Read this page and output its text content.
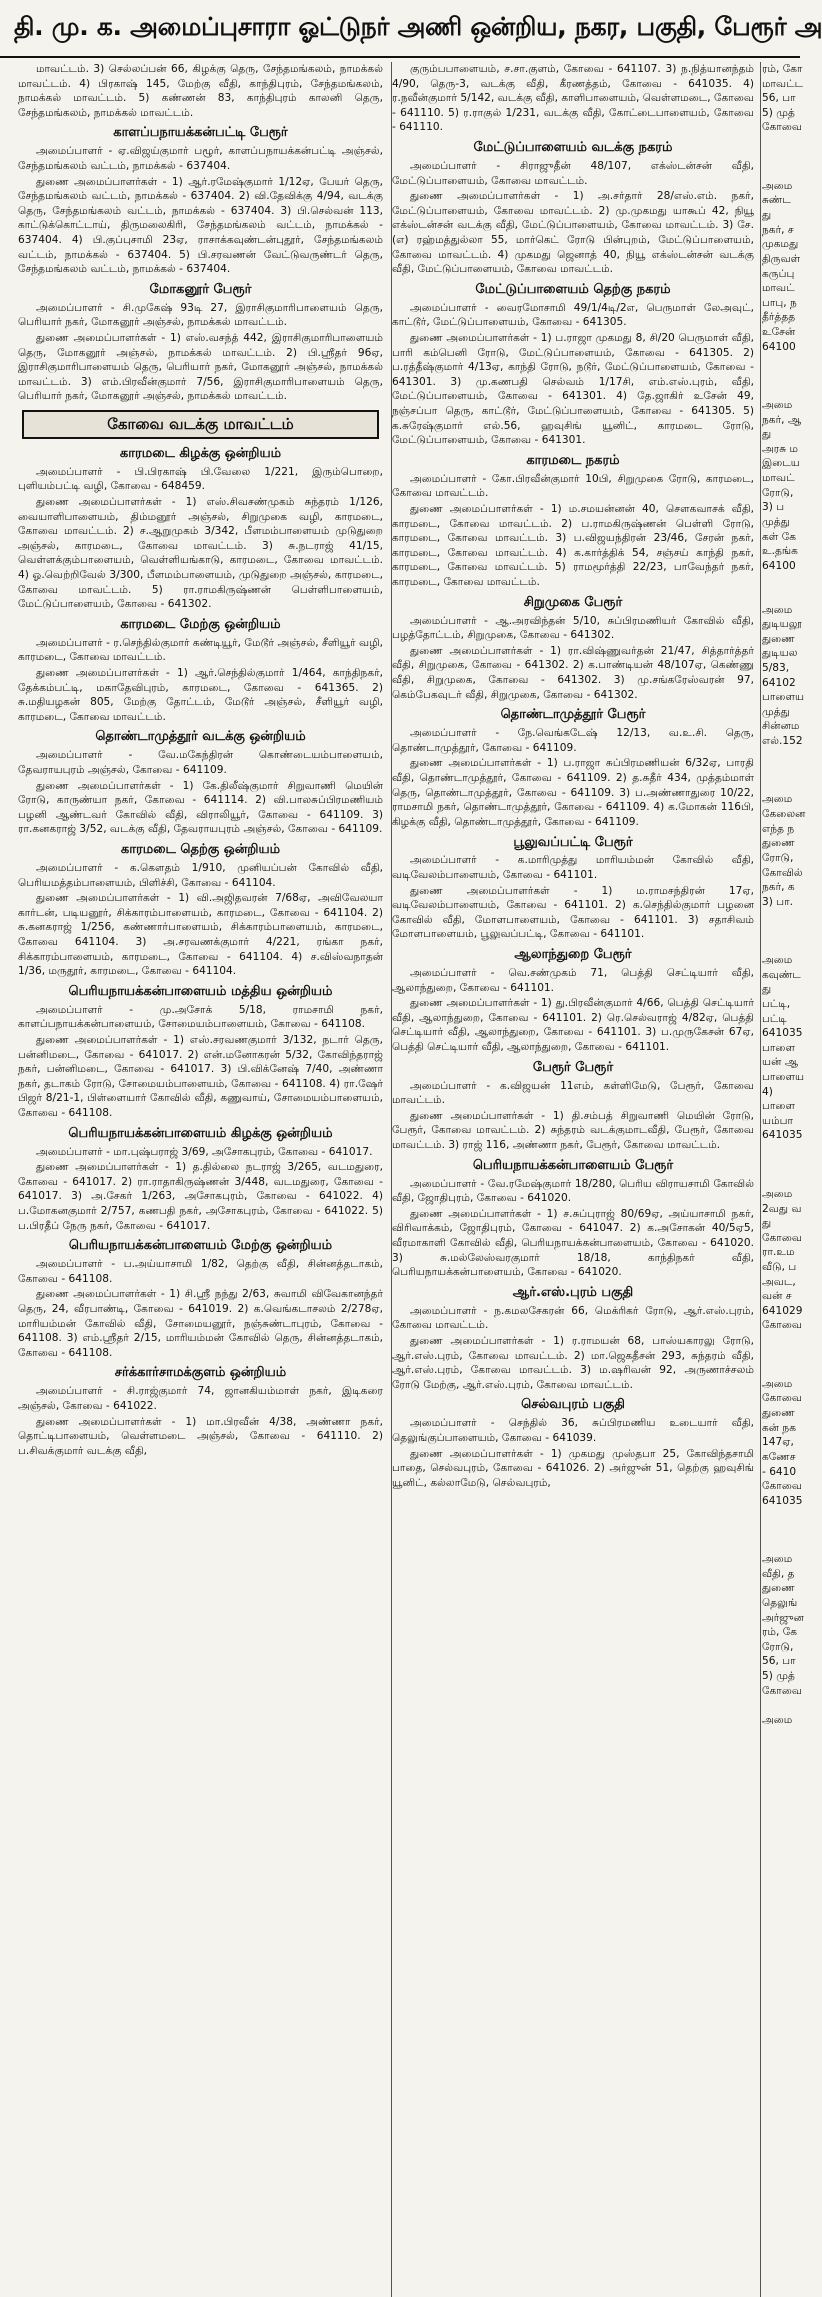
தி. மு. க. அமைப்புசாரா ஓட்டுநர் அணி ஒன்றிய, நகர, பகுதி, பேரூர் அ
மாவட்டம். 3) செல்லப்பன் 66, கிழக்கு தெரு, சேந்தமங்கலம், நாமக்கல் மாவட்டம். 4) பிரகாஷ் 145, மேற்கு வீதி, காந்திபுரம், சேந்தமங்கலம், நாமக்கல் மாவட்டம். 5) கண்ணன் 83, காந்திபுரம் காலனி தெரு, சேந்தமங்கலம், நாமக்கல் மாவட்டம்.
காளப்பநாயக்கன்பட்டி பேரூர்
அமைப்பாளர் - ஏ.விஜய்குமார் பழூர், காளப்பநாயக்கன்பட்டி அஞ்சல், சேந்தமங்கலம் வட்டம், நாமக்கல் - 637404.
துணை அமைப்பாளர்கள் - 1) ஆர்.ரமேஷ்குமார் 1/12ஏ, பேயர் தெரு, சேந்தமங்கலம் வட்டம், நாமக்கல் - 637404. 2) வி.தேவிக்கு 4/94, வடக்கு தெரு, சேந்தமங்கலம் வட்டம், நாமக்கல் - 637404. 3) பி.செல்வன் 113, காட்டுக்கொட்டாய், திருமலைகிரி, சேந்தமங்கலம் வட்டம், நாமக்கல் - 637404. 4) பி.குப்புசாமி 23ஏ, ராசாக்கவுண்டன்புதூர், சேந்தமங்கலம் வட்டம், நாமக்கல் - 637404. 5) பி.சரவணன் வேட்டுவருண்டர் தெரு, சேந்தமங்கலம் வட்டம், நாமக்கல் - 637404.
மோகனூர் பேரூர்
அமைப்பாளர் - சி.முகேஷ் 93டி 27, இராசிகுமாரிபாளையம் தெரு, பெரியார் நகர், மோகனூர் அஞ்சல், நாமக்கல் மாவட்டம்.
துணை அமைப்பாளர்கள் - 1) எஸ்.வசந்த் 442, இராசிகுமாரிபாளையம் தெரு, மோகனூர் அஞ்சல், நாமக்கல் மாவட்டம். 2) பி.ஸ்ரீதர் 96ஏ, இராசிகுமாரிபாளையம் தெரு, பெரியார் நகர், மோகனூர் அஞ்சல், நாமக்கல் மாவட்டம். 3) எம்.பிரவீன்குமார் 7/56, இராசிகுமாரிபாளையம் தெரு, பெரியார் நகர், மோகனூர் அஞ்சல், நாமக்கல் மாவட்டம்.
கோவை வடக்கு மாவட்டம்
காரமடை கிழக்கு ஒன்றியம்
அமைப்பாளர் - பி.பிரகாஷ் பி.வேலை 1/221, இரும்பொறை, புளியம்பட்டி வழி, கோவை - 648459.
துணை அமைப்பாளர்கள் - 1) எஸ்.சிவசண்முகம் சுந்தரம் 1/126, வையாளிபாளையம், திம்மனூர் அஞ்சல், சிறுமுகை வழி, காரமடை, கோவை மாவட்டம். 2) ச.ஆறுமுகம் 3/342, பீளமம்பாளையம் முடுதுறை அஞ்சல், காரமடை, கோவை மாவட்டம். 3) சு.நடராஜ் 41/15, வெள்ளக்கும்பாளையம், வெள்ளியங்காடு, காரமடை, கோவை மாவட்டம். 4) ஓ.வெற்றிவேல் 3/300, பீளமம்பாளையம், முடுதுறை அஞ்சல், காரமடை, கோவை மாவட்டம். 5) ரா.ராமகிருஷ்ணன் பெள்ளிபாளையம், மேட்டுப்பாளையம், கோவை - 641302.
காரமடை மேற்கு ஒன்றியம்
அமைப்பாளர் - ர.செந்தில்குமார் கண்டியூர், மேடூர் அஞ்சல், சீளியூர் வழி, காரமடை, கோவை மாவட்டம்.
துணை அமைப்பாளர்கள் - 1) ஆர்.செந்தில்குமார் 1/464, காந்திநகர், தேக்கம்பட்டி, மகாதேவிபுரம், காரமடை, கோவை - 641365. 2) சு.மதியழகன் 805, மேற்கு தோட்டம், மேடூர் அஞ்சல், சீளியூர் வழி, காரமடை, கோவை மாவட்டம்.
தொண்டாமுத்தூர் வடக்கு ஒன்றியம்
அமைப்பாளர் - வே.மகேந்திரன் கொண்டையம்பாளையம், தேவராயபுரம் அஞ்சல், கோவை - 641109.
துணை அமைப்பாளர்கள் - 1) கே.திலீஷ்குமார் சிறுவாணி மெயின் ரோடு, காருண்யா நகர், கோவை - 641114. 2) வி.பாலசுப்பிரமணியம் பழனி ஆண்டவர் கோவில் வீதி, விராலியூர், கோவை - 641109. 3) ரா.கனகராஜ் 3/52, வடக்கு வீதி, தேவராயபுரம் அஞ்சல், கோவை - 641109.
காரமடை தெற்கு ஒன்றியம்
அமைப்பாளர் - க.கௌதம் 1/910, முனியப்பன் கோவில் வீதி, பெரியமத்தம்பாளையம், பிளிச்சி, கோவை - 641104.
துணை அமைப்பாளர்கள் - 1) வி.அஜிதவரன் 7/68ஏ, அவிவேலயா கார்டன், படியனூர், சிக்காரம்பாளையம், காரமடை, கோவை - 641104. 2) சு.கனகராஜ் 1/256, கண்ணார்பாளையம், சிக்காரம்பாளையம், காரமடை, கோவை 641104. 3) அ.சரவணக்குமார் 4/221, ரங்கா நகர், சிக்காரம்பாளையம், காரமடை, கோவை - 641104. 4) ச.விஸ்வநாதன் 1/36, மருதூர், காரமடை, கோவை - 641104.
பெரியநாயக்கன்பாளையம் மத்திய ஒன்றியம்
அமைப்பாளர் - மு.அசோக் 5/18, ராமசாமி நகர், காளப்பநாயக்கன்பாளையம், சோமையம்பாளையம், கோவை - 641108.
துணை அமைப்பாளர்கள் - 1) எஸ்.சரவணகுமார் 3/132, நடார் தெரு, பன்னிமடை, கோவை - 641017. 2) என்.மனோகரன் 5/32, கோவிந்தராஜ் நகர், பன்னிமடை, கோவை - 641017. 3) பி.விக்னேஷ் 7/40, அண்ணா நகர், தடாகம் ரோடு, சோமையம்பாளையம், கோவை - 641108. 4) ரா.ஷேர் பிஜர் 8/21-1, பிள்ளையார் கோவில் வீதி, கணுவாய், சோமையம்பாளையம், கோவை - 641108.
பெரியநாயக்கன்பாளையம் கிழக்கு ஒன்றியம்
அமைப்பாளர் - மா.புஷ்பராஜ் 3/69, அசோகபுரம், கோவை - 641017.
துணை அமைப்பாளர்கள் - 1) த.தில்லை நடராஜ் 3/265, வடமதுரை, கோவை - 641017. 2) ரா.ராதாகிருஷ்ணன் 3/448, வடமதுரை, கோவை - 641017. 3) அ.சேகர் 1/263, அசோகபுரம், கோவை - 641022. 4) ப.மோகனகுமார் 2/757, கணபதி நகர், அசோகபுரம், கோவை - 641022. 5) ப.பிரதீப் நேரு நகர், கோவை - 641017.
பெரியநாயக்கன்பாளையம் மேற்கு ஒன்றியம்
அமைப்பாளர் - ப.அய்யாசாமி 1/82, தெற்கு வீதி, சின்னத்தடாகம், கோவை - 641108.
துணை அமைப்பாளர்கள் - 1) சி.ஸ்ரீ நந்து 2/63, சுவாமி விவேகானந்தர் தெரு, 24, வீரபாண்டி, கோவை - 641019. 2) க.வெங்கடாசலம் 2/278ஏ, மாரியம்மன் கோவில் வீதி, சோமையனூர், நஞ்சுண்டாபுரம், கோவை - 641108. 3) எம்.ஸ்ரீதர் 2/15, மாரியம்மன் கோவில் தெரு, சின்னத்தடாகம், கோவை - 641108.
சர்க்கார்சாமக்குளம் ஒன்றியம்
அமைப்பாளர் - சி.ராஜ்குமார் 74, ஜானகியம்மாள் நகர், இடிகரை அஞ்சல், கோவை - 641022.
துணை அமைப்பாளர்கள் - 1) மா.பிரவீன் 4/38, அண்ணா நகர், தொட்டிபாளையம், வெள்ளமடை அஞ்சல், கோவை - 641110. 2) ப.சிவக்குமார் வடக்கு வீதி,
குரும்பபாளையம், ச.சா.குளம், கோவை - 641107. 3) ந.நித்யானந்தம் 4/90, தெரு-3, வடக்கு வீதி, கீரணத்தம், கோவை - 641035. 4) ர.நவீன்குமார் 5/142, வடக்கு வீதி, காளிபாளையம், வெள்ளமடை, கோவை - 641110. 5) ர.ராகுல் 1/231, வடக்கு வீதி, கோட்டைபாளையம், கோவை - 641110.
மேட்டுப்பாளையம் வடக்கு நகரம்
அமைப்பாளர் - சிராஜுதீன் 48/107, எக்ஸ்டன்சன் வீதி, மேட்டுப்பாளையம், கோவை மாவட்டம்.
துணை அமைப்பாளர்கள் - 1) அ.சர்தார் 28/எஸ்.எம். நகர், மேட்டுப்பாளையம், கோவை மாவட்டம். 2) மு.முகமது யாகூப் 42, நியூ எக்ஸ்டன்சன் வடக்கு வீதி, மேட்டுப்பாளையம், கோவை மாவட்டம். 3) சே. (எ) ரஹ்மத்துல்லா 55, மார்கெட் ரோடு பின்புறம், மேட்டுப்பாளையம், கோவை மாவட்டம். 4) முகமது ஜெனாத் 40, நியூ எக்ஸ்டன்சன் வடக்கு வீதி, மேட்டுப்பாளையம், கோவை மாவட்டம்.
மேட்டுப்பாளையம் தெற்கு நகரம்
அமைப்பாளர் - வைரமோசாமி 49/1/4டி/2எ, பெருமாள் லேஅவுட், காட்டூர், மேட்டுப்பாளையம், கோவை - 641305.
துணை அமைப்பாளர்கள் - 1) ப.ராஜா முகமது 8, சி/20 பெருமாள் வீதி, பாரி கம்பெனி ரோடு, மேட்டுப்பாளையம், கோவை - 641305. 2) ப.ரத்தீஷ்குமார் 4/13ஏ, காந்தி ரோடு, நடூர், மேட்டுப்பாளையம், கோவை - 641301. 3) மு.கணபதி செல்வம் 1/17சி, எம்.எஸ்.புரம், வீதி, மேட்டுப்பாளையம், கோவை - 641301. 4) தே.ஜாகிர் உசேன் 49, நஞ்சப்பா தெரு, காட்டூர், மேட்டுப்பாளையம், கோவை - 641305. 5) க.சுரேஷ்குமார் எல்.56, ஹவுசிங் யூனிட், காரமடை ரோடு, மேட்டுப்பாளையம், கோவை - 641301.
காரமடை நகரம்
அமைப்பாளர் - கோ.பிரவீன்குமார் 10பி, சிறுமுகை ரோடு, காரமடை, கோவை மாவட்டம்.
துணை அமைப்பாளர்கள் - 1) ம.சமயன்னன் 40, சௌகவாசக் வீதி, காரமடை, கோவை மாவட்டம். 2) ப.ராமகிருஷ்ணன் பெள்ளி ரோடு, காரமடை, கோவை மாவட்டம். 3) ப.விஜயந்திரன் 23/46, சேரன் நகர், காரமடை, கோவை மாவட்டம். 4) க.கார்த்திக் 54, சஞ்சய் காந்தி நகர், காரமடை, கோவை மாவட்டம். 5) ராமமூர்த்தி 22/23, பாவேந்தர் நகர், காரமடை, கோவை மாவட்டம்.
சிறுமுகை பேரூர்
அமைப்பாளர் - ஆ.அரவிந்தன் 5/10, சுப்பிரமணியர் கோவில் வீதி, பழத்தோட்டம், சிறுமுகை, கோவை - 641302.
துணை அமைப்பாளர்கள் - 1) ரா.விஷ்ணுவர்தன் 21/47, சித்தார்த்தர் வீதி, சிறுமுகை, கோவை - 641302. 2) க.பாண்டியன் 48/107ஏ, கெண்ணு வீதி, சிறுமுகை, கோவை - 641302. 3) மு.சங்கரேஸ்வரன் 97, கெம்பேகவுடர் வீதி, சிறுமுகை, கோவை - 641302.
தொண்டாமுத்தூர் பேரூர்
அமைப்பாளர் - நே.வெங்கடேஷ் 12/13, வ.உ.சி. தெரு, தொண்டாமுத்தூர், கோவை - 641109.
துணை அமைப்பாளர்கள் - 1) ப.ராஜா சுப்பிரமணியன் 6/32ஏ, பாரதி வீதி, தொண்டாமுத்தூர், கோவை - 641109. 2) த.சுதீர் 434, முத்தம்மாள் தெரு, தொண்டாமுத்தூர், கோவை - 641109. 3) ப.அண்ணாதுரை 10/22, ராமசாமி நகர், தொண்டாமுத்தூர், கோவை - 641109. 4) க.மோகன் 116பி, கிழக்கு வீதி, தொண்டாமுத்தூர், கோவை - 641109.
பூலுவப்பட்டி பேரூர்
அமைப்பாளர் - க.மாரிமுத்து மாரியம்மன் கோவில் வீதி, வடிவேலம்பாளையம், கோவை - 641101.
துணை அமைப்பாளர்கள் - 1) ம.ராமசந்திரன் 17ஏ, வடிவேலம்பாளையம், கோவை - 641101. 2) க.செந்தில்குமார் பழனை கோவில் வீதி, மோளபாளையம், கோவை - 641101. 3) சதாசிவம் மோளபாளையம், பூலுவப்பட்டி, கோவை - 641101.
ஆலாந்துறை பேரூர்
அமைப்பாளர் - வெ.சண்முகம் 71, பெத்தி செட்டியார் வீதி, ஆலாந்துறை, கோவை - 641101.
துணை அமைப்பாளர்கள் - 1) து.பிரவீன்குமார் 4/66, பெத்தி செட்டியார் வீதி, ஆலாந்துறை, கோவை - 641101. 2) ரெ.செல்வராஜ் 4/82ஏ, பெத்தி செட்டியார் வீதி, ஆலாந்துறை, கோவை - 641101. 3) ப.முருகேசன் 67ஏ, பெத்தி செட்டியார் வீதி, ஆலாந்துறை, கோவை - 641101.
பேரூர் பேரூர்
அமைப்பாளர் - க.விஜயன் 11எம், கள்ளிமேடு, பேரூர், கோவை மாவட்டம்.
துணை அமைப்பாளர்கள் - 1) தி.சம்பத் சிறுவாணி மெயின் ரோடு, பேரூர், கோவை மாவட்டம். 2) சுந்தரம் வடக்குமாடவீதி, பேரூர், கோவை மாவட்டம். 3) ராஜ் 116, அண்ணா நகர், பேரூர், கோவை மாவட்டம்.
பெரியநாயக்கன்பாளையம் பேரூர்
அமைப்பாளர் - வே.ரமேஷ்குமார் 18/280, பெரிய விராயசாமி கோவில் வீதி, ஜோதிபுரம், கோவை - 641020.
துணை அமைப்பாளர்கள் - 1) ச.சுப்புராஜ் 80/69ஏ, அய்யாசாமி நகர், விரிவாக்கம், ஜோதிபுரம், கோவை - 641047. 2) க.அசோகன் 40/5ஏ5, வீரமாகாளி கோவில் வீதி, பெரியநாயக்கன்பாளையம், கோவை - 641020. 3) சு.மல்லேஸ்வரகுமார் 18/18, காந்திநகர் வீதி, பெரியநாயக்கன்பாளையம், கோவை - 641020.
ஆர்.எஸ்.புரம் பகுதி
அமைப்பாளர் - ந.கமலசேகரன் 66, மெக்ரிகர் ரோடு, ஆர்.எஸ்.புரம், கோவை மாவட்டம்.
துணை அமைப்பாளர்கள் - 1) ர.ராமயன் 68, பாஸ்யகாரலு ரோடு, ஆர்.எஸ்.புரம், கோவை மாவட்டம். 2) மா.ஜெகதீசன் 293, சுந்தரம் வீதி, ஆர்.எஸ்.புரம், கோவை மாவட்டம். 3) ம.ஷரிவன் 92, அருணாச்சலம் ரோடு மேற்கு, ஆர்.எஸ்.புரம், கோவை மாவட்டம்.
செல்வபுரம் பகுதி
அமைப்பாளர் - செந்தில் 36, சுப்பிரமணிய உடையார் வீதி, தெலுங்குப்பாளையம், கோவை - 641039.
துணை அமைப்பாளர்கள் - 1) முகமது முஸ்தபா 25, கோவிந்தசாமி பாதை, செல்வபுரம், கோவை - 641026. 2) அர்ஜுன் 51, தெற்கு ஹவுசிங் யூனிட், கல்லாமேடு, செல்வபுரம்,
ரம், கோ
மாவட்ட
56, பா
5) முத்
கோவை

அமை
சுண்ட
து
நகர், ச
முகமது
திருவள்
கருப்பு
மாவட்
பாபு, ந
தீர்த்தத
உசேன்
64100

அமை
நகர், ஆ
து
அரசு ம
இடைய
மாவட்
ரோடு,
3) ப
முத்து
கள் கே
உ.தங்க
64100

அமை
துடியலூ
துணை
துடியல
5/83,
64102
பாளைய
முத்து
சின்னம
எல்.152

அமை
கேலைன
எந்த ந
துணை
ரோடு,
கோவில்
நகர், க
3) பா.

அமை
கவுண்ட
து
பட்டி,
பட்டி
641035
பாளை
யன் ஆ
பாளைய
4)
பாளை
யம்பா
641035

அமை
2வது வ
து
கோவை
ரா.உம
வீடு, ப
அவட,
வன் ச
641029
கோவை

அமை
கோவை
துணை
கன் நக
147ஏ,
கணேச
- 6410
கோவை
641035

அமை
வீதி, த
துணை
தெலுங்
அர்ஜுன
ரம், கே
ரோடு,
56, பா
5) முத்
கோவை

அமை
